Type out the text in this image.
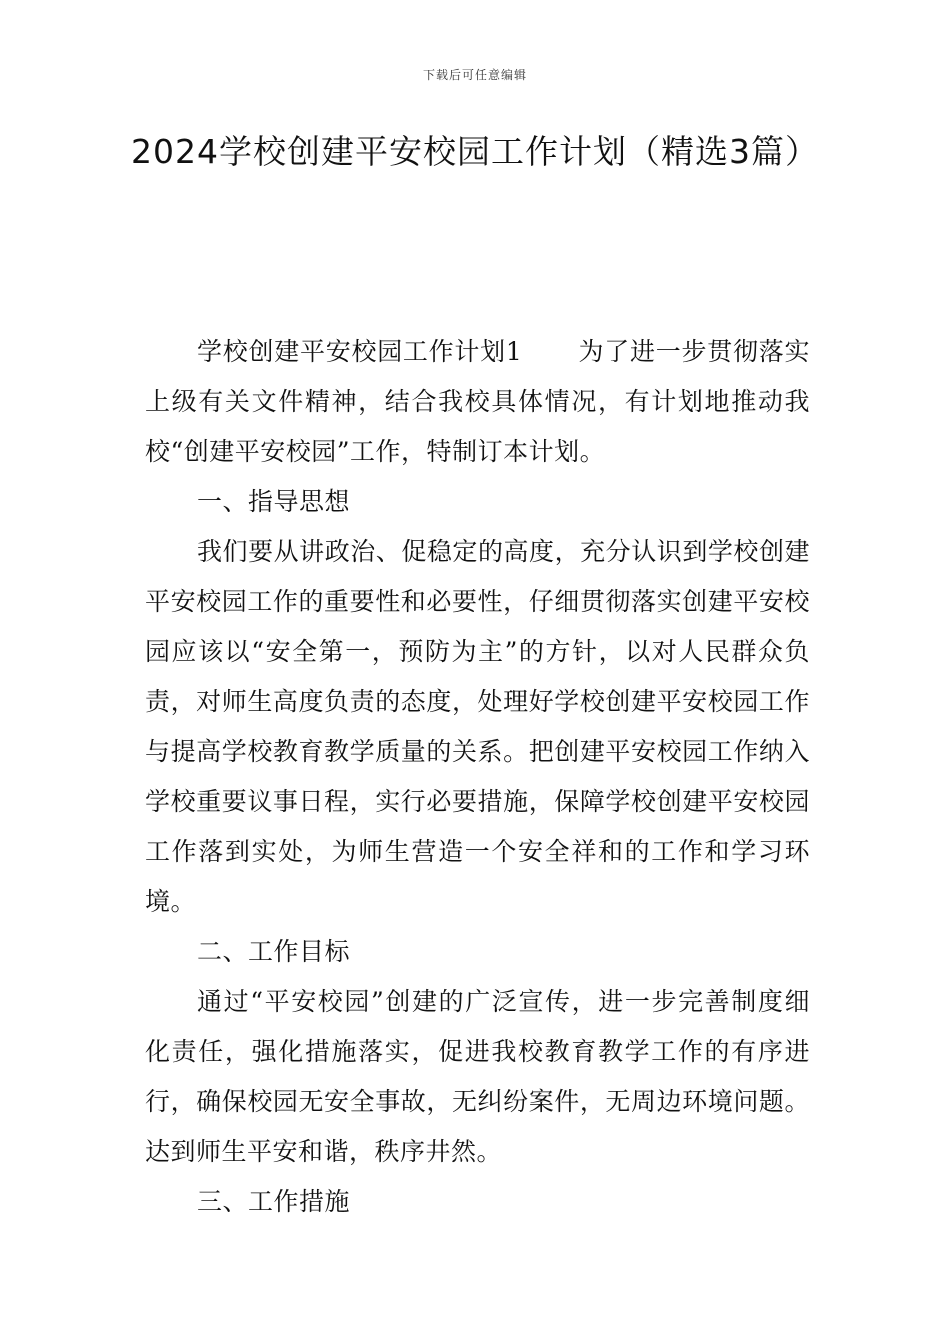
下载后可任意编辑
2024学校创建平安校园工作计划（精选3篇）

学校创建平安校园工作计划1 为了进一步贯彻落实上级有关文件精神，结合我校具体情况，有计划地推动我校“创建平安校园”工作，特制订本计划。

一、指导思想

我们要从讲政治、促稳定的高度，充分认识到学校创建平安校园工作的重要性和必要性，仔细贯彻落实创建平安校园应该以“安全第一，预防为主”的方针，以对人民群众负责，对师生高度负责的态度，处理好学校创建平安校园工作与提高学校教育教学质量的关系。把创建平安校园工作纳入学校重要议事日程，实行必要措施，保障学校创建平安校园工作落到实处，为师生营造一个安全祥和的工作和学习环境。

二、工作目标

通过“平安校园”创建的广泛宣传，进一步完善制度细化责任，强化措施落实，促进我校教育教学工作的有序进行，确保校园无安全事故，无纠纷案件，无周边环境问题。达到师生平安和谐，秩序井然。

三、工作措施
